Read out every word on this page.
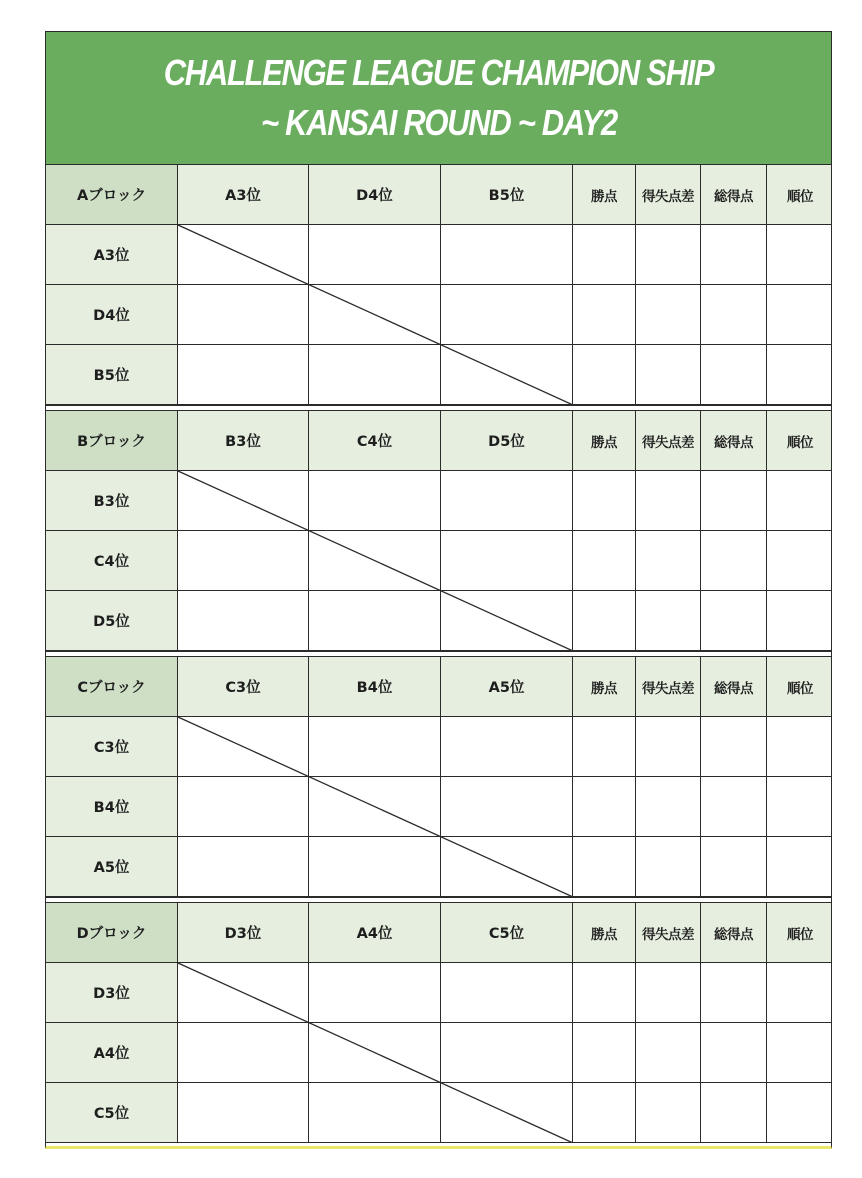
CHALLENGE LEAGUE CHAMPION SHIP
~ KANSAI ROUND ~ DAY2
Aブロック	A3位	D4位	B5位	勝点	得失点差	総得点	順位
A3位
D4位
B5位
Bブロック	B3位	C4位	D5位	勝点	得失点差	総得点	順位
B3位
C4位
D5位
Cブロック	C3位	B4位	A5位	勝点	得失点差	総得点	順位
C3位
B4位
A5位
Dブロック	D3位	A4位	C5位	勝点	得失点差	総得点	順位
D3位
A4位
C5位
